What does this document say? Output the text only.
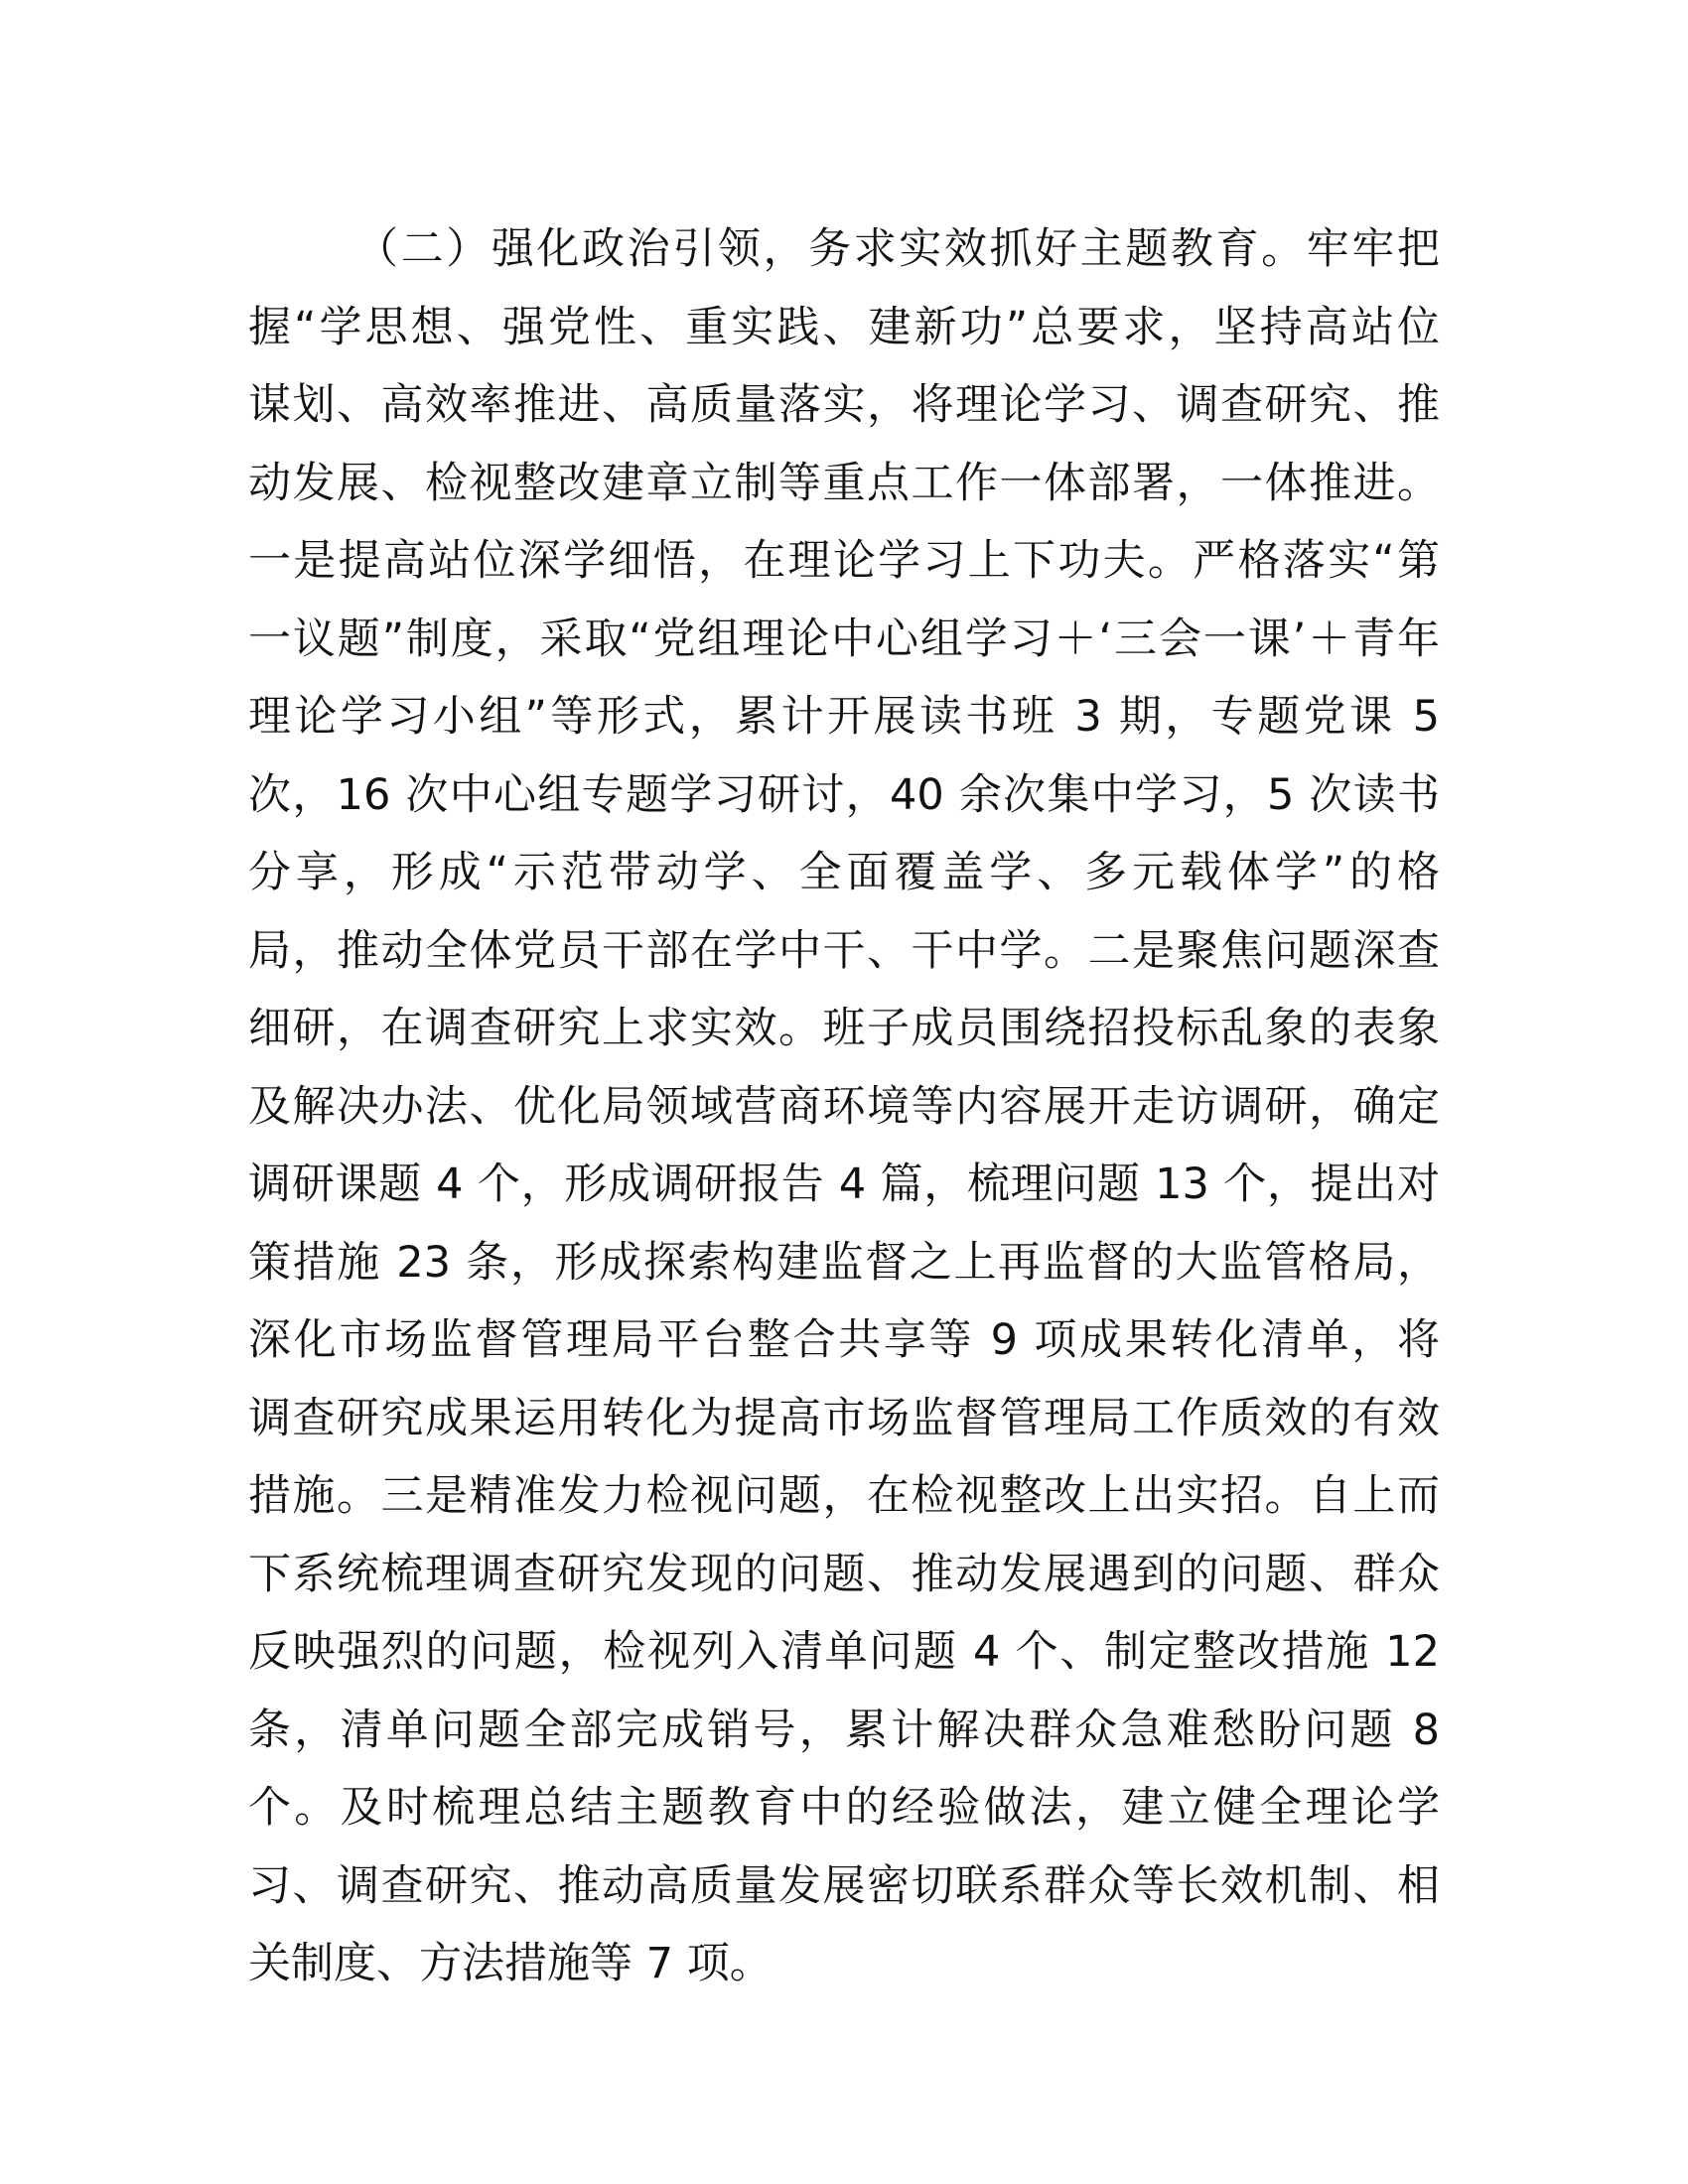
（二）强化政治引领，务求实效抓好主题教育。牢牢把
握“学思想、强党性、重实践、建新功”总要求，坚持高站位
谋划、高效率推进、高质量落实，将理论学习、调查研究、推
动发展、检视整改建章立制等重点工作一体部署，一体推进。
一是提高站位深学细悟，在理论学习上下功夫。严格落实“第
一议题”制度，采取“党组理论中心组学习＋‘三会一课’＋青年
理论学习小组”等形式，累计开展读书班 3 期，专题党课 5
次，16 次中心组专题学习研讨，40 余次集中学习，5 次读书
分享，形成“示范带动学、全面覆盖学、多元载体学”的格
局，推动全体党员干部在学中干、干中学。二是聚焦问题深查
细研，在调查研究上求实效。班子成员围绕招投标乱象的表象
及解决办法、优化局领域营商环境等内容展开走访调研，确定
调研课题 4 个，形成调研报告 4 篇，梳理问题 13 个，提出对
策措施 23 条，形成探索构建监督之上再监督的大监管格局，
深化市场监督管理局平台整合共享等 9 项成果转化清单，将
调查研究成果运用转化为提高市场监督管理局工作质效的有效
措施。三是精准发力检视问题，在检视整改上出实招。自上而
下系统梳理调查研究发现的问题、推动发展遇到的问题、群众
反映强烈的问题，检视列入清单问题 4 个、制定整改措施 12
条，清单问题全部完成销号，累计解决群众急难愁盼问题 8
个。及时梳理总结主题教育中的经验做法，建立健全理论学
习、调查研究、推动高质量发展密切联系群众等长效机制、相
关制度、方法措施等 7 项。
